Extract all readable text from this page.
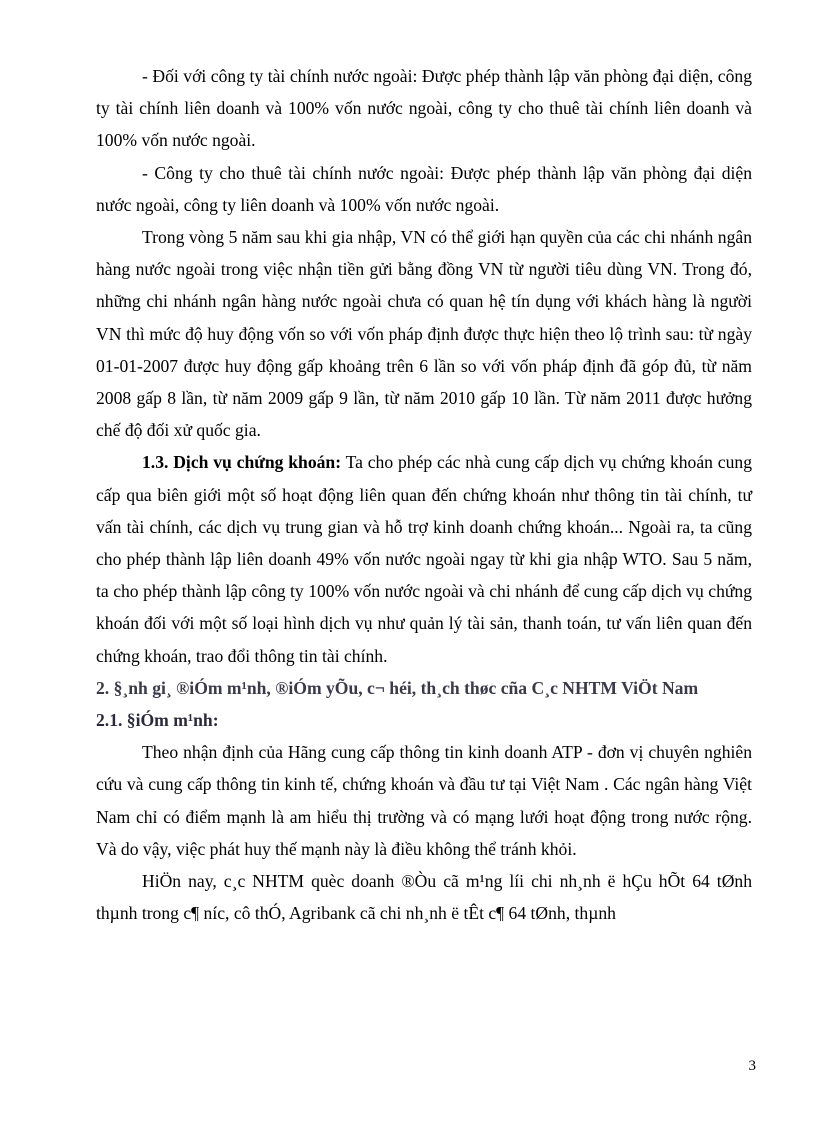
- Đối với công ty tài chính nước ngoài: Được phép thành lập văn phòng đại diện, công ty tài chính liên doanh và 100% vốn nước ngoài, công ty cho thuê tài chính liên doanh và 100% vốn nước ngoài.

- Công ty cho thuê tài chính nước ngoài: Được phép thành lập văn phòng đại diện nước ngoài, công ty liên doanh và 100% vốn nước ngoài.

Trong vòng 5 năm sau khi gia nhập, VN có thể giới hạn quyền của các chi nhánh ngân hàng nước ngoài trong việc nhận tiền gửi bằng đồng VN từ người tiêu dùng VN. Trong đó, những chi nhánh ngân hàng nước ngoài chưa có quan hệ tín dụng với khách hàng là người VN thì mức độ huy động vốn so với vốn pháp định được thực hiện theo lộ trình sau: từ ngày 01-01-2007 được huy động gấp khoảng trên 6 lần so với vốn pháp định đã góp đủ, từ năm 2008 gấp 8 lần, từ năm 2009 gấp 9 lần, từ năm 2010 gấp 10 lần. Từ năm 2011 được hưởng chế độ đối xử quốc gia.

1.3. Dịch vụ chứng khoán: Ta cho phép các nhà cung cấp dịch vụ chứng khoán cung cấp qua biên giới một số hoạt động liên quan đến chứng khoán như thông tin tài chính, tư vấn tài chính, các dịch vụ trung gian và hỗ trợ kinh doanh chứng khoán... Ngoài ra, ta cũng cho phép thành lập liên doanh 49% vốn nước ngoài ngay từ khi gia nhập WTO. Sau 5 năm, ta cho phép thành lập công ty 100% vốn nước ngoài và chi nhánh để cung cấp dịch vụ chứng khoán đối với một số loại hình dịch vụ như quản lý tài sản, thanh toán, tư vấn liên quan đến chứng khoán, trao đổi thông tin tài chính.

2. §¸nh gi¸ ®iÓm m¹nh, ®iÓm yÕu, c¬ héi, th¸ch thøc cña C¸c NHTM ViÖt Nam

2.1. §iÓm m¹nh:

Theo nhận định của Hãng cung cấp thông tin kinh doanh ATP - đơn vị chuyên nghiên cứu và cung cấp thông tin kinh tế, chứng khoán và đầu tư tại Việt Nam . Các ngân hàng Việt Nam chỉ có điểm mạnh là am hiểu thị trường và có mạng lưới hoạt động trong nước rộng. Và do vậy, việc phát huy thế mạnh này là điều không thể tránh khỏi.

HiÖn nay, c¸c NHTM quèc doanh ®Òu cã m¹ng líi chi nh¸nh ë hÇu hÕt 64 tØnh thµnh trong c¶ níc, cô thÓ, Agribank cã chi nh¸nh ë tÊt c¶ 64 tØnh, thµnh

3
